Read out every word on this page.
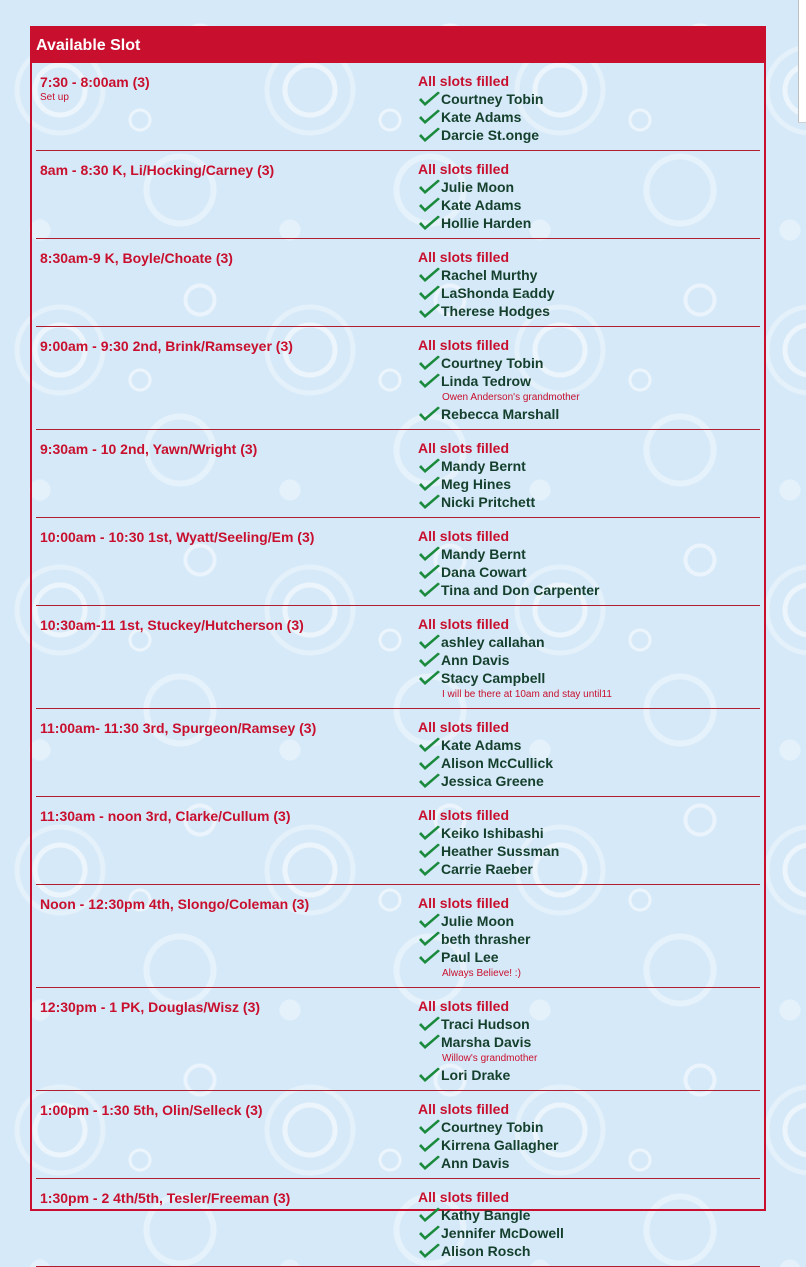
Available Slot
7:30 - 8:00am (3)
Set up
All slots filled
Courtney Tobin
Kate Adams
Darcie St.onge
8am - 8:30 K, Li/Hocking/Carney (3)	All slots filled
Julie Moon
Kate Adams
Hollie Harden
8:30am-9 K, Boyle/Choate (3)	All slots filled
Rachel Murthy
LaShonda Eaddy
Therese Hodges
9:00am - 9:30 2nd, Brink/Ramseyer (3)	All slots filled
Courtney Tobin
Linda Tedrow
Owen Anderson's grandmother
Rebecca Marshall
9:30am - 10 2nd, Yawn/Wright (3)	All slots filled
Mandy Bernt
Meg Hines
Nicki Pritchett
10:00am - 10:30 1st, Wyatt/Seeling/Em (3)	All slots filled
Mandy Bernt
Dana Cowart
Tina and Don Carpenter
10:30am-11 1st, Stuckey/Hutcherson (3)	All slots filled
ashley callahan
Ann Davis
Stacy Campbell
I will be there at 10am and stay until11
11:00am- 11:30 3rd, Spurgeon/Ramsey (3)	All slots filled
Kate Adams
Alison McCullick
Jessica Greene
11:30am - noon 3rd, Clarke/Cullum (3)	All slots filled
Keiko Ishibashi
Heather Sussman
Carrie Raeber
Noon - 12:30pm 4th, Slongo/Coleman (3)	All slots filled
Julie Moon
beth thrasher
Paul Lee
Always Believe! :)
12:30pm - 1 PK, Douglas/Wisz (3)	All slots filled
Traci Hudson
Marsha Davis
Willow's grandmother
Lori Drake
1:00pm - 1:30 5th, Olin/Selleck (3)	All slots filled
Courtney Tobin
Kirrena Gallagher
Ann Davis
1:30pm - 2 4th/5th, Tesler/Freeman (3)	All slots filled
Kathy Bangle
Jennifer McDowell
Alison Rosch
